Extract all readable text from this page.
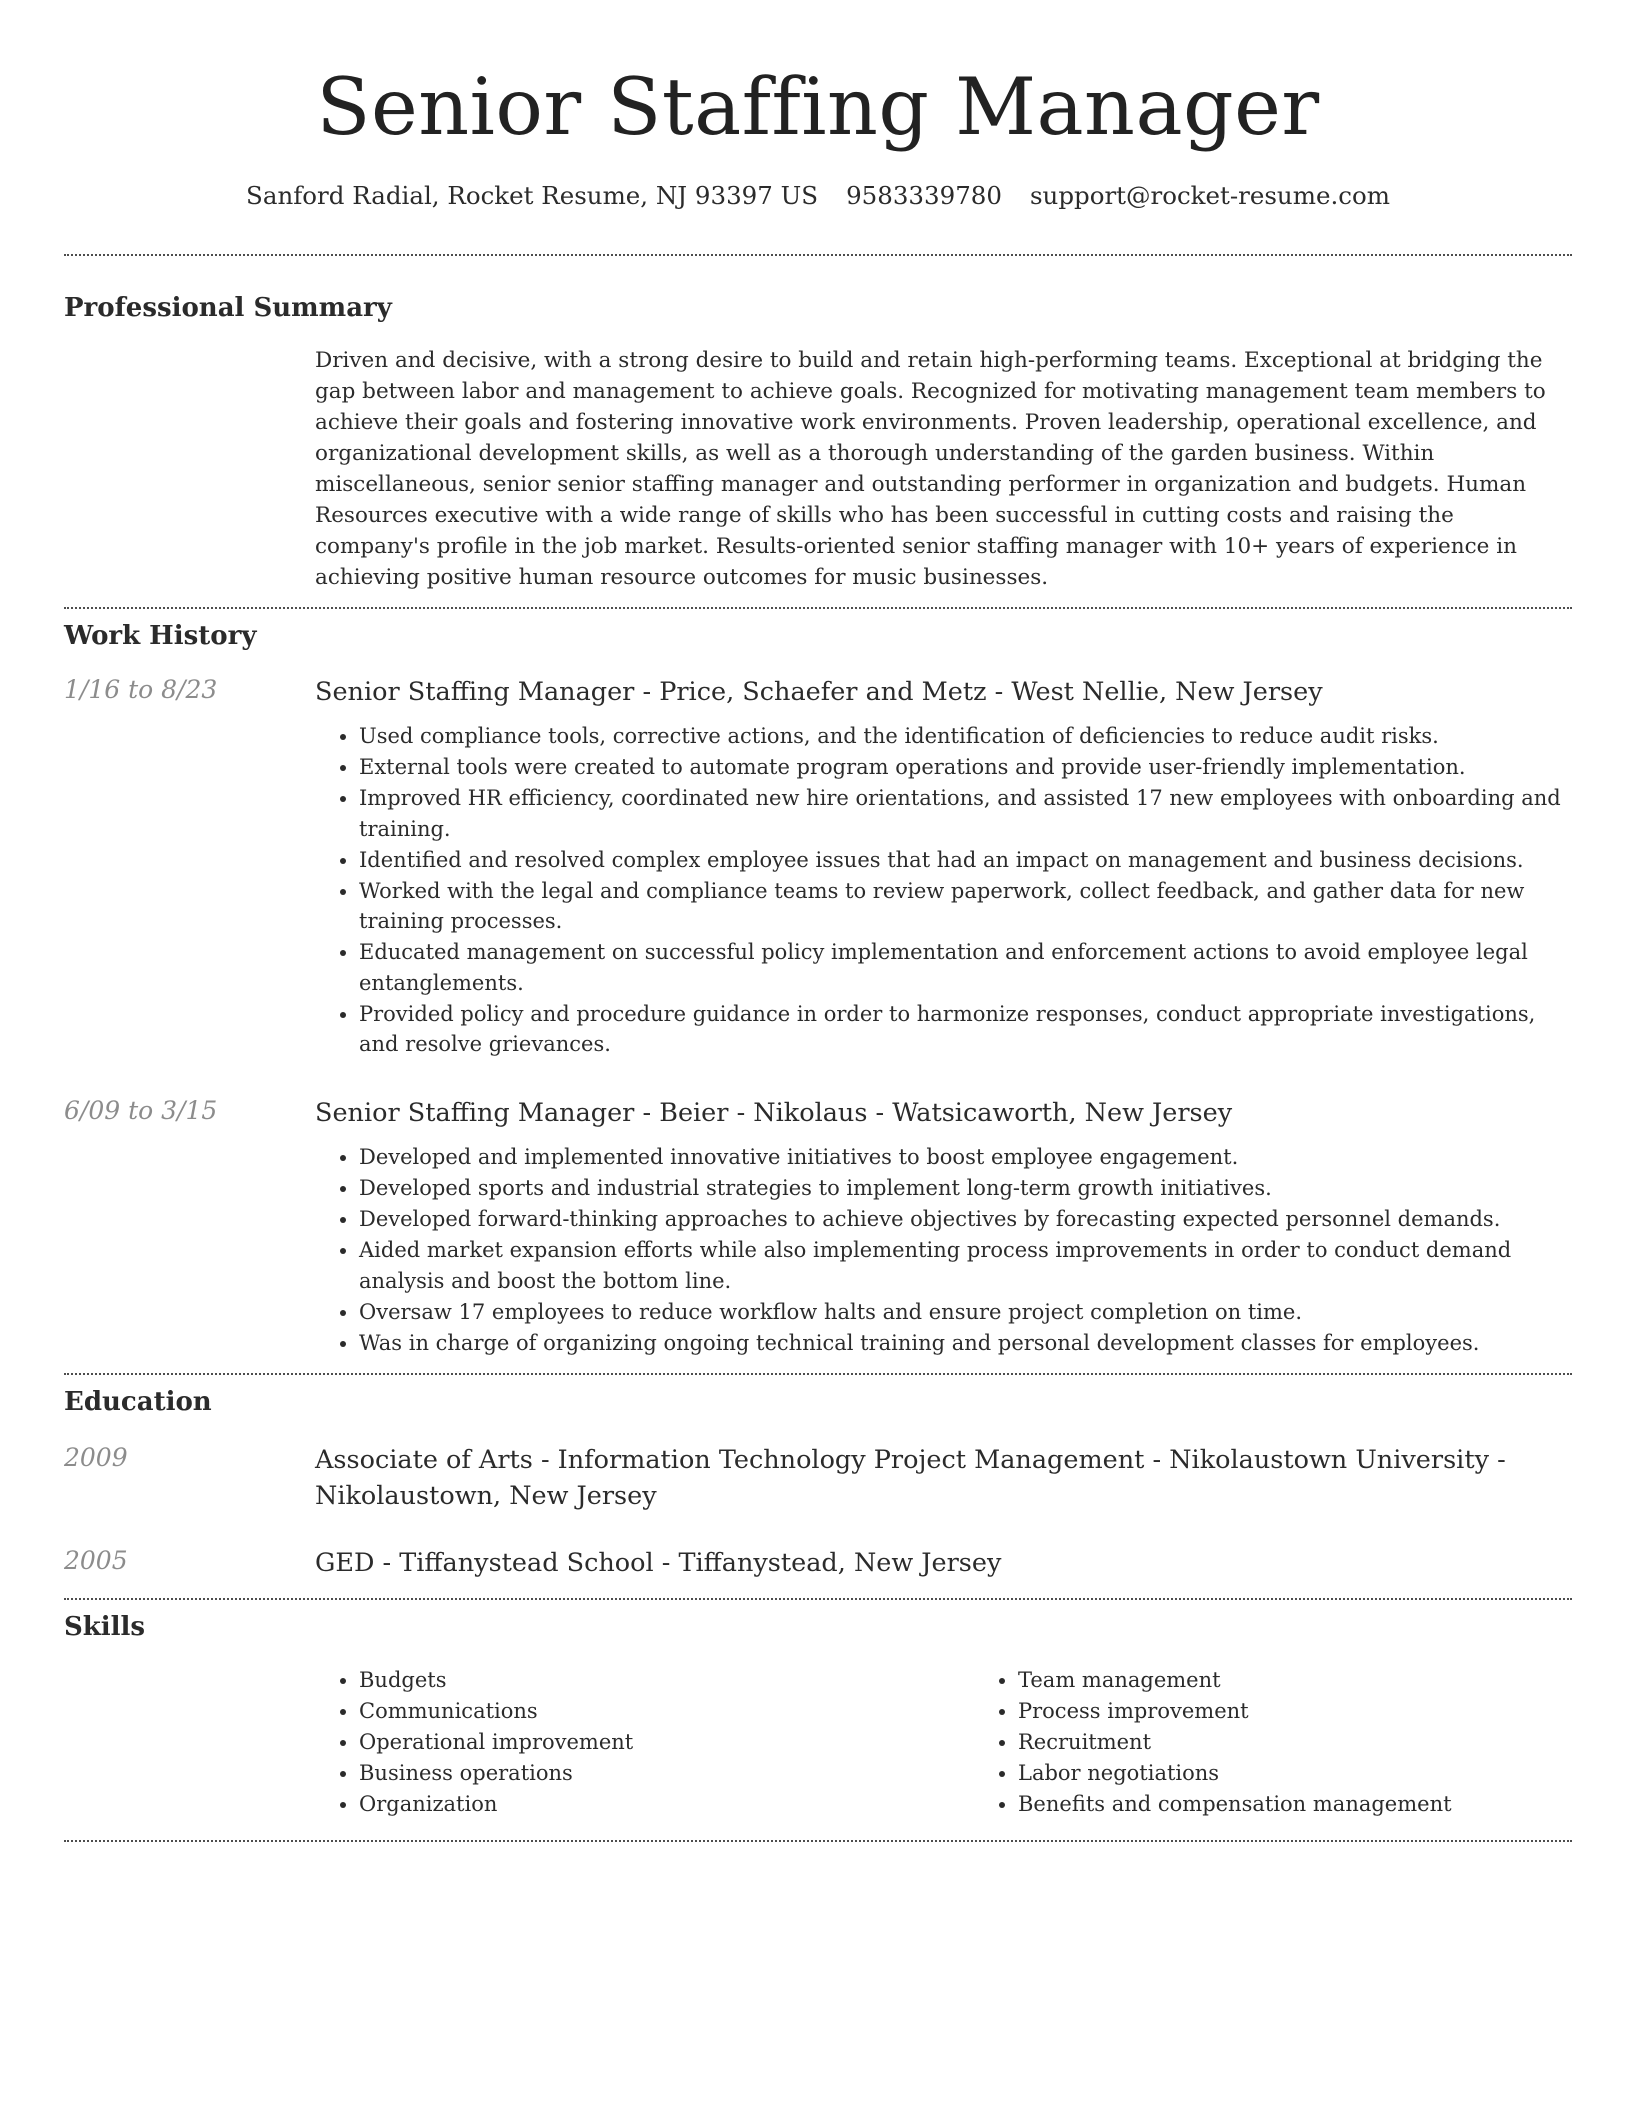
Senior Staffing Manager
Sanford Radial, Rocket Resume, NJ 93397 US 9583339780 support@rocket-resume.com
Professional Summary
Driven and decisive, with a strong desire to build and retain high-performing teams. Exceptional at bridging the gap between labor and management to achieve goals. Recognized for motivating management team members to achieve their goals and fostering innovative work environments. Proven leadership, operational excellence, and organizational development skills, as well as a thorough understanding of the garden business. Within miscellaneous, senior senior staffing manager and outstanding performer in organization and budgets. Human Resources executive with a wide range of skills who has been successful in cutting costs and raising the company's profile in the job market. Results-oriented senior staffing manager with 10+ years of experience in achieving positive human resource outcomes for music businesses.
Work History
1/16 to 8/23	Senior Staffing Manager - Price, Schaefer and Metz - West Nellie, New Jersey
• Used compliance tools, corrective actions, and the identification of deficiencies to reduce audit risks.
• External tools were created to automate program operations and provide user-friendly implementation.
• Improved HR efficiency, coordinated new hire orientations, and assisted 17 new employees with onboarding and training.
• Identified and resolved complex employee issues that had an impact on management and business decisions.
• Worked with the legal and compliance teams to review paperwork, collect feedback, and gather data for new training processes.
• Educated management on successful policy implementation and enforcement actions to avoid employee legal entanglements.
• Provided policy and procedure guidance in order to harmonize responses, conduct appropriate investigations, and resolve grievances.
6/09 to 3/15	Senior Staffing Manager - Beier - Nikolaus - Watsicaworth, New Jersey
• Developed and implemented innovative initiatives to boost employee engagement.
• Developed sports and industrial strategies to implement long-term growth initiatives.
• Developed forward-thinking approaches to achieve objectives by forecasting expected personnel demands.
• Aided market expansion efforts while also implementing process improvements in order to conduct demand analysis and boost the bottom line.
• Oversaw 17 employees to reduce workflow halts and ensure project completion on time.
• Was in charge of organizing ongoing technical training and personal development classes for employees.
Education
2009	Associate of Arts - Information Technology Project Management - Nikolaustown University - Nikolaustown, New Jersey
2005	GED - Tiffanystead School - Tiffanystead, New Jersey
Skills
• Budgets
• Communications
• Operational improvement
• Business operations
• Organization
• Team management
• Process improvement
• Recruitment
• Labor negotiations
• Benefits and compensation management
